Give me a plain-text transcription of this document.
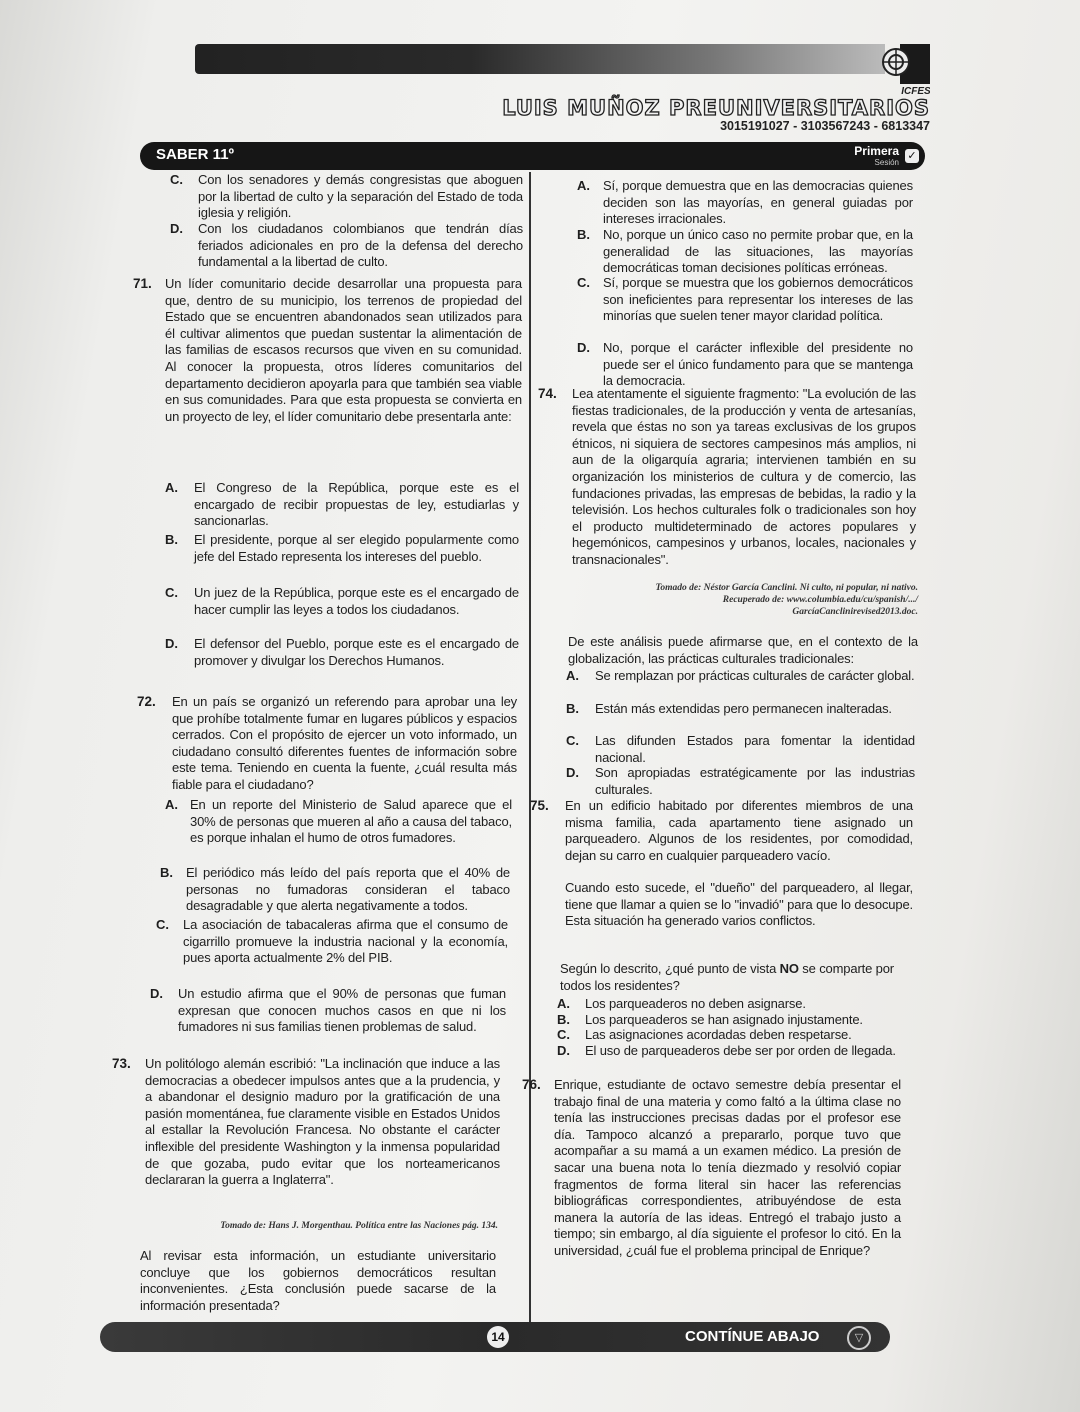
ICFES
LUIS MUÑOZ PREUNIVERSITARIOS
3015191027 - 3103567243 - 6813347
SABER 11º	Primera
Sesión
✓
C. Con los senadores y demás congresistas que aboguen por la libertad de culto y la separación del Estado de toda iglesia y religión.
D. Con los ciudadanos colombianos que tendrán días feriados adicionales en pro de la defensa del derecho fundamental a la libertad de culto.
71. Un líder comunitario decide desarrollar una propuesta para que, dentro de su municipio, los terrenos de propiedad del Estado que se encuentren abandonados sean utilizados para él cultivar alimentos que puedan sustentar la alimentación de las familias de escasos recursos que viven en su comunidad. Al conocer la propuesta, otros líderes comunitarios del departamento decidieron apoyarla para que también sea viable en sus comunidades. Para que esta propuesta se convierta en un proyecto de ley, el líder comunitario debe presentarla ante:
A. El Congreso de la República, porque este es el encargado de recibir propuestas de ley, estudiarlas y sancionarlas.
B. El presidente, porque al ser elegido popularmente como jefe del Estado representa los intereses del pueblo.
C. Un juez de la República, porque este es el encargado de hacer cumplir las leyes a todos los ciudadanos.
D. El defensor del Pueblo, porque este es el encargado de promover y divulgar los Derechos Humanos.
72. En un país se organizó un referendo para aprobar una ley que prohíbe totalmente fumar en lugares públicos y espacios cerrados. Con el propósito de ejercer un voto informado, un ciudadano consultó diferentes fuentes de información sobre este tema. Teniendo en cuenta la fuente, ¿cuál resulta más fiable para el ciudadano?
A. En un reporte del Ministerio de Salud aparece que el 30% de personas que mueren al año a causa del tabaco, es porque inhalan el humo de otros fumadores.
B. El periódico más leído del país reporta que el 40% de personas no fumadoras consideran el tabaco desagradable y que alerta negativamente a todos.
C. La asociación de tabacaleras afirma que el consumo de cigarrillo promueve la industria nacional y la economía, pues aporta actualmente 2% del PIB.
D. Un estudio afirma que el 90% de personas que fuman expresan que conocen muchos casos en que ni los fumadores ni sus familias tienen problemas de salud.
73. Un politólogo alemán escribió: "La inclinación que induce a las democracias a obedecer impulsos antes que a la prudencia, y a abandonar el designio maduro por la gratificación de una pasión momentánea, fue claramente visible en Estados Unidos al estallar la Revolución Francesa. No obstante el carácter inflexible del presidente Washington y la inmensa popularidad de que gozaba, pudo evitar que los norteamericanos declararan la guerra a Inglaterra".
Tomado de: Hans J. Morgenthau. Política entre las Naciones pág. 134.
Al revisar esta información, un estudiante universitario concluye que los gobiernos democráticos resultan inconvenientes. ¿Esta conclusión puede sacarse de la información presentada?
A. Sí, porque demuestra que en las democracias quienes deciden son las mayorías, en general guiadas por intereses irracionales.
B. No, porque un único caso no permite probar que, en la generalidad de las situaciones, las mayorías democráticas toman decisiones políticas erróneas.
C. Sí, porque se muestra que los gobiernos democráticos son ineficientes para representar los intereses de las minorías que suelen tener mayor claridad política.
D. No, porque el carácter inflexible del presidente no puede ser el único fundamento para que se mantenga la democracia.
74. Lea atentamente el siguiente fragmento: "La evolución de las fiestas tradicionales, de la producción y venta de artesanías, revela que éstas no son ya tareas exclusivas de los grupos étnicos, ni siquiera de sectores campesinos más amplios, ni aun de la oligarquía agraria; intervienen también en su organización los ministerios de cultura y de comercio, las fundaciones privadas, las empresas de bebidas, la radio y la televisión. Los hechos culturales folk o tradicionales son hoy el producto multideterminado de actores populares y hegemónicos, campesinos y urbanos, locales, nacionales y transnacionales".
Tomado de: Néstor García Canclini. Ni culto, ni popular, ni nativo.
Recuperado de: www.columbia.edu/cu/spanish/.../
GarcíaCanclinirevised2013.doc.
De este análisis puede afirmarse que, en el contexto de la globalización, las prácticas culturales tradicionales:
A. Se remplazan por prácticas culturales de carácter global.
B. Están más extendidas pero permanecen inalteradas.
C. Las difunden Estados para fomentar la identidad nacional.
D. Son apropiadas estratégicamente por las industrias culturales.
75. En un edificio habitado por diferentes miembros de una misma familia, cada apartamento tiene asignado un parqueadero. Algunos de los residentes, por comodidad, dejan su carro en cualquier parqueadero vacío.
Cuando esto sucede, el "dueño" del parqueadero, al llegar, tiene que llamar a quien se lo "invadió" para que lo desocupe. Esta situación ha generado varios conflictos.
Según lo descrito, ¿qué punto de vista NO se comparte por todos los residentes?
A. Los parqueaderos no deben asignarse.
B. Los parqueaderos se han asignado injustamente.
C. Las asignaciones acordadas deben respetarse.
D. El uso de parqueaderos debe ser por orden de llegada.
76. Enrique, estudiante de octavo semestre debía presentar el trabajo final de una materia y como faltó a la última clase no tenía las instrucciones precisas dadas por el profesor ese día. Tampoco alcanzó a prepararlo, porque tuvo que acompañar a su mamá a un examen médico. La presión de sacar una buena nota lo tenía diezmado y resolvió copiar fragmentos de forma literal sin hacer las referencias bibliográficas correspondientes, atribuyéndose de esta manera la autoría de las ideas. Entregó el trabajo justo a tiempo; sin embargo, al día siguiente el profesor lo citó. En la universidad, ¿cuál fue el problema principal de Enrique?
14	CONTÍNUE ABAJO	▽
